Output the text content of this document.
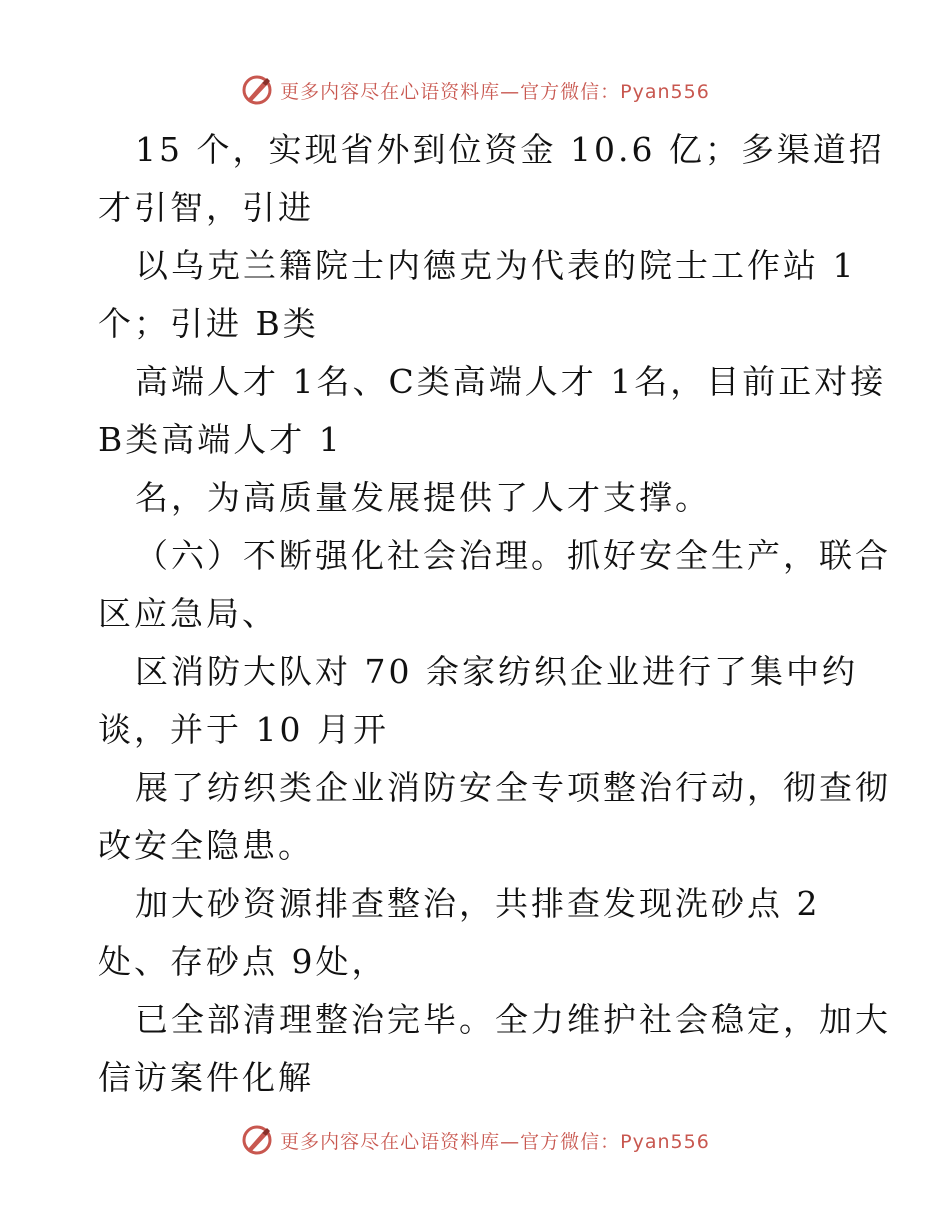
更多内容尽在心语资料库—官方微信：Pyan556
15 个，实现省外到位资金 10.6 亿；多渠道招
才引智，引进
以乌克兰籍院士内德克为代表的院士工作站 1
个；引进 B类
高端人才 1名、C类高端人才 1名，目前正对接
B类高端人才 1
名，为高质量发展提供了人才支撑。
（六）不断强化社会治理。抓好安全生产，联合
区应急局、
区消防大队对 70 余家纺织企业进行了集中约
谈，并于 10 月开
展了纺织类企业消防安全专项整治行动，彻查彻
改安全隐患。
加大砂资源排查整治，共排查发现洗砂点 2
处、存砂点 9处，
已全部清理整治完毕。全力维护社会稳定，加大
信访案件化解
更多内容尽在心语资料库—官方微信：Pyan556
